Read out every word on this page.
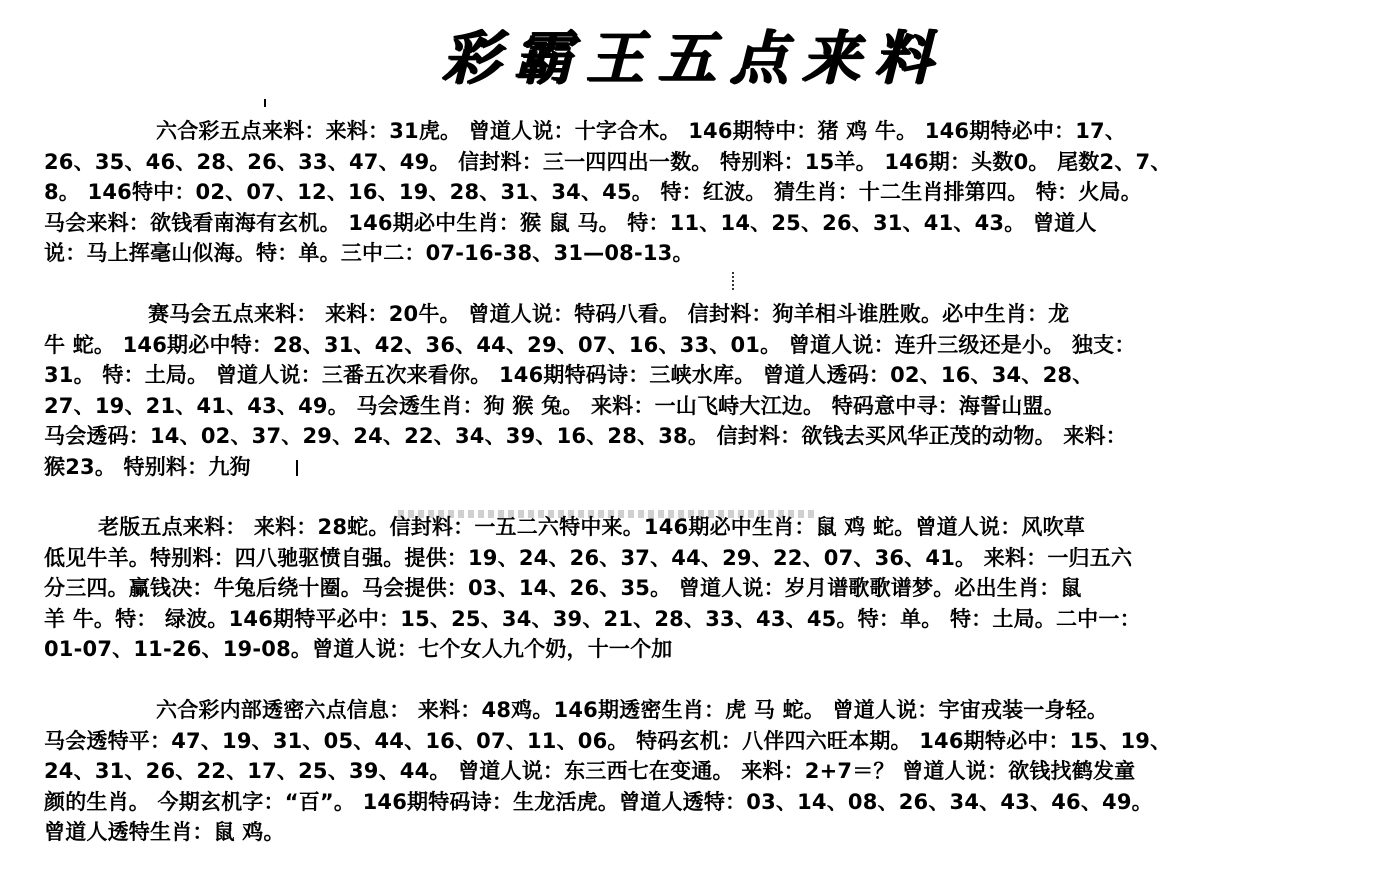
彩霸王五点来料
六合彩五点来料：来料：31虎。 曾道人说：十字合木。 146期特中：猪 鸡 牛。 146期特必中：17、
26、35、46、28、26、33、47、49。 信封料：三一四四出一数。 特别料：15羊。 146期：头数0。 尾数2、7、
8。 146特中：02、07、12、16、19、28、31、34、45。 特：红波。 猜生肖：十二生肖排第四。 特：火局。
马会来料：欲钱看南海有玄机。 146期必中生肖：猴 鼠 马。 特：11、14、25、26、31、41、43。 曾道人
说：马上挥毫山似海。特：单。三中二：07-16-38、31—08-13。
赛马会五点来料： 来料：20牛。 曾道人说：特码八看。 信封料：狗羊相斗谁胜败。必中生肖：龙
牛 蛇。 146期必中特：28、31、42、36、44、29、07、16、33、01。 曾道人说：连升三级还是小。 独支：
31。 特：土局。 曾道人说：三番五次来看你。 146期特码诗：三峡水库。 曾道人透码：02、16、34、28、
27、19、21、41、43、49。 马会透生肖：狗 猴 兔。 来料：一山飞峙大江边。 特码意中寻：海誓山盟。
马会透码：14、02、37、29、24、22、34、39、16、28、38。 信封料：欲钱去买风华正茂的动物。 来料：
猴23。 特别料：九狗
老版五点来料： 来料：28蛇。信封料：一五二六特中来。146期必中生肖：鼠 鸡 蛇。曾道人说：风吹草
低见牛羊。特别料：四八驰驱愤自强。提供：19、24、26、37、44、29、22、07、36、41。 来料：一归五六
分三四。赢钱决：牛兔后绕十圈。马会提供：03、14、26、35。 曾道人说：岁月谱歌歌谱梦。必出生肖：鼠
羊 牛。特： 绿波。146期特平必中：15、25、34、39、21、28、33、43、45。特：单。 特：土局。二中一：
01-07、11-26、19-08。曾道人说：七个女人九个奶，十一个加
六合彩内部透密六点信息： 来料：48鸡。146期透密生肖：虎 马 蛇。 曾道人说：宇宙戎装一身轻。
马会透特平：47、19、31、05、44、16、07、11、06。 特码玄机：八伴四六旺本期。 146期特必中：15、19、
24、31、26、22、17、25、39、44。 曾道人说：东三西七在变通。 来料：2+7＝？ 曾道人说：欲钱找鹤发童
颜的生肖。 今期玄机字：“百”。 146期特码诗：生龙活虎。曾道人透特：03、14、08、26、34、43、46、49。
曾道人透特生肖：鼠 鸡。
